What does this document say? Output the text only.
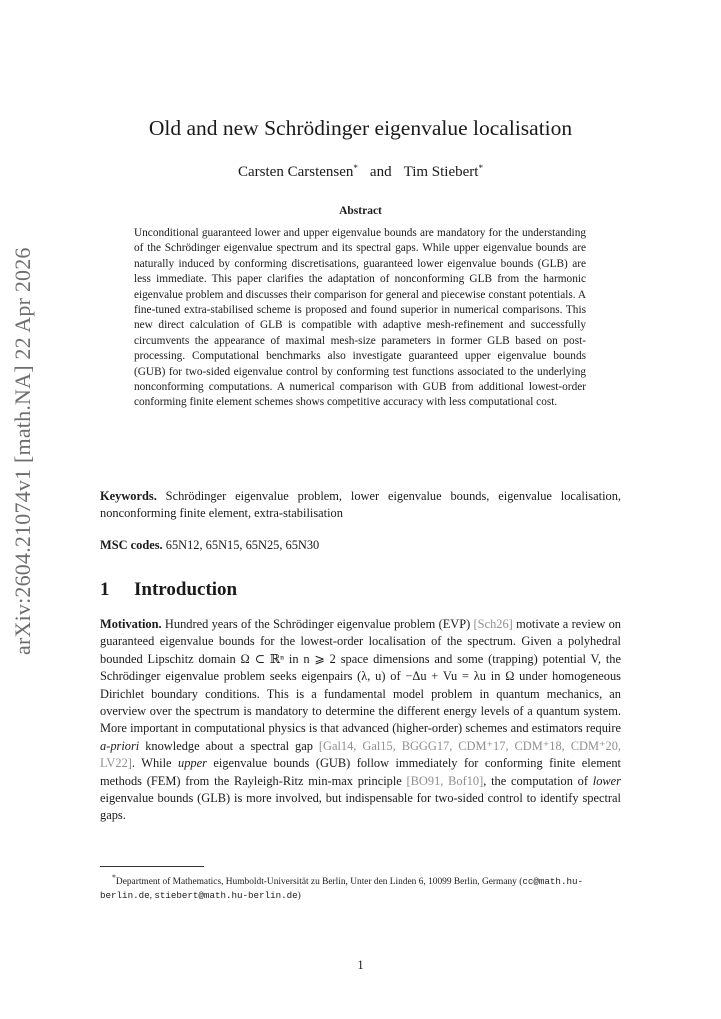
arXiv:2604.21074v1 [math.NA] 22 Apr 2026
Old and new Schrödinger eigenvalue localisation
Carsten Carstensen* and Tim Stiebert*
Abstract
Unconditional guaranteed lower and upper eigenvalue bounds are mandatory for the understanding of the Schrödinger eigenvalue spectrum and its spectral gaps. While upper eigenvalue bounds are naturally induced by conforming discretisations, guaranteed lower eigenvalue bounds (GLB) are less immediate. This paper clarifies the adaptation of nonconforming GLB from the harmonic eigenvalue problem and discusses their comparison for general and piecewise constant potentials. A fine-tuned extra-stabilised scheme is proposed and found superior in numerical comparisons. This new direct calculation of GLB is compatible with adaptive mesh-refinement and successfully circumvents the appearance of maximal mesh-size parameters in former GLB based on post-processing. Computational benchmarks also investigate guaranteed upper eigenvalue bounds (GUB) for two-sided eigenvalue control by conforming test functions associated to the underlying nonconforming computations. A numerical comparison with GUB from additional lowest-order conforming finite element schemes shows competitive accuracy with less computational cost.
Keywords. Schrödinger eigenvalue problem, lower eigenvalue bounds, eigenvalue localisation, nonconforming finite element, extra-stabilisation
MSC codes. 65N12, 65N15, 65N25, 65N30
1 Introduction
Motivation. Hundred years of the Schrödinger eigenvalue problem (EVP) [Sch26] motivate a review on guaranteed eigenvalue bounds for the lowest-order localisation of the spectrum. Given a polyhedral bounded Lipschitz domain Ω ⊂ ℝⁿ in n ⩾ 2 space dimensions and some (trapping) potential V, the Schrödinger eigenvalue problem seeks eigenpairs (λ, u) of −Δu + Vu = λu in Ω under homogeneous Dirichlet boundary conditions. This is a fundamental model problem in quantum mechanics, an overview over the spectrum is mandatory to determine the different energy levels of a quantum system. More important in computational physics is that advanced (higher-order) schemes and estimators require a-priori knowledge about a spectral gap [Gal14, Gal15, BGGG17, CDM⁺17, CDM⁺18, CDM⁺20, LV22]. While upper eigenvalue bounds (GUB) follow immediately for conforming finite element methods (FEM) from the Rayleigh-Ritz min-max principle [BO91, Bof10], the computation of lower eigenvalue bounds (GLB) is more involved, but indispensable for two-sided control to identify spectral gaps.
*Department of Mathematics, Humboldt-Universität zu Berlin, Unter den Linden 6, 10099 Berlin, Germany (cc@math.hu-berlin.de, stiebert@math.hu-berlin.de)
1
